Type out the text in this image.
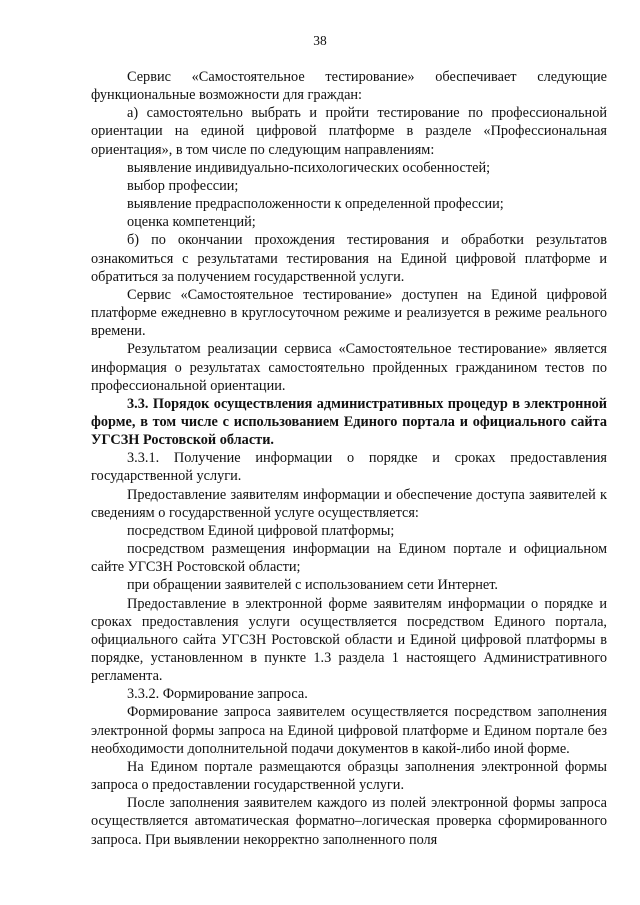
38

Сервис «Самостоятельное тестирование» обеспечивает следующие функциональные возможности для граждан:

а) самостоятельно выбрать и пройти тестирование по профессиональной ориентации на единой цифровой платформе в разделе «Профессиональная ориентация», в том числе по следующим направлениям:

выявление индивидуально-психологических особенностей;

выбор профессии;

выявление предрасположенности к определенной профессии;

оценка компетенций;

б) по окончании прохождения тестирования и обработки результатов ознакомиться с результатами тестирования на Единой цифровой платформе и обратиться за получением государственной услуги.

Сервис «Самостоятельное тестирование» доступен на Единой цифровой платформе ежедневно в круглосуточном режиме и реализуется в режиме реального времени.

Результатом реализации сервиса «Самостоятельное тестирование» является информация о результатах самостоятельно пройденных гражданином тестов по профессиональной ориентации.

3.3. Порядок осуществления административных процедур в электронной форме, в том числе с использованием Единого портала и официального сайта УГСЗН Ростовской области.

3.3.1. Получение информации о порядке и сроках предоставления государственной услуги.

Предоставление заявителям информации и обеспечение доступа заявителей к сведениям о государственной услуге осуществляется:

посредством Единой цифровой платформы;

посредством размещения информации на Едином портале и официальном сайте УГСЗН Ростовской области;

при обращении заявителей с использованием сети Интернет.

Предоставление в электронной форме заявителям информации о порядке и сроках предоставления услуги осуществляется посредством Единого портала, официального сайта УГСЗН Ростовской области и Единой цифровой платформы в порядке, установленном в пункте 1.3 раздела 1 настоящего Административного регламента.

3.3.2. Формирование запроса.

Формирование запроса заявителем осуществляется посредством заполнения электронной формы запроса на Единой цифровой платформе и Едином портале без необходимости дополнительной подачи документов в какой-либо иной форме.

На Едином портале размещаются образцы заполнения электронной формы запроса о предоставлении государственной услуги.

После заполнения заявителем каждого из полей электронной формы запроса осуществляется автоматическая форматно–логическая проверка сформированного запроса. При выявлении некорректно заполненного поля
